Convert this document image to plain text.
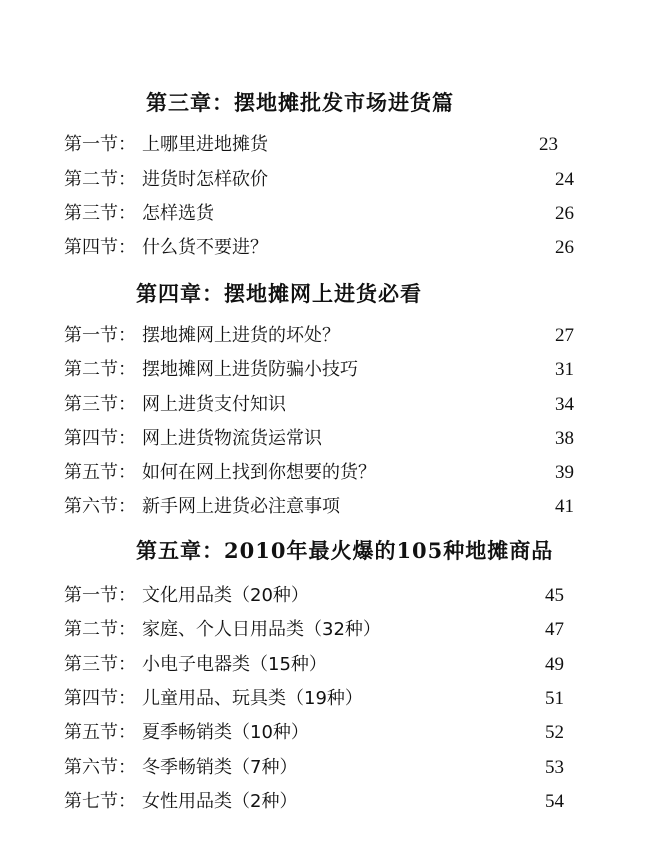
第三章：摆地摊批发市场进货篇
第一节： 上哪里进地摊货	23
第二节： 进货时怎样砍价	24
第三节： 怎样选货	26
第四节： 什么货不要进？	26
第四章：摆地摊网上进货必看
第一节： 摆地摊网上进货的坏处？	27
第二节： 摆地摊网上进货防骗小技巧	31
第三节： 网上进货支付知识	34
第四节： 网上进货物流货运常识	38
第五节： 如何在网上找到你想要的货？	39
第六节： 新手网上进货必注意事项	41
第五章：2010年最火爆的105种地摊商品
第一节： 文化用品类（20种）	45
第二节： 家庭、个人日用品类（32种）	47
第三节： 小电子电器类（15种）	49
第四节： 儿童用品、玩具类（19种）	51
第五节： 夏季畅销类（10种）	52
第六节： 冬季畅销类（7种）	53
第七节： 女性用品类（2种）	54
